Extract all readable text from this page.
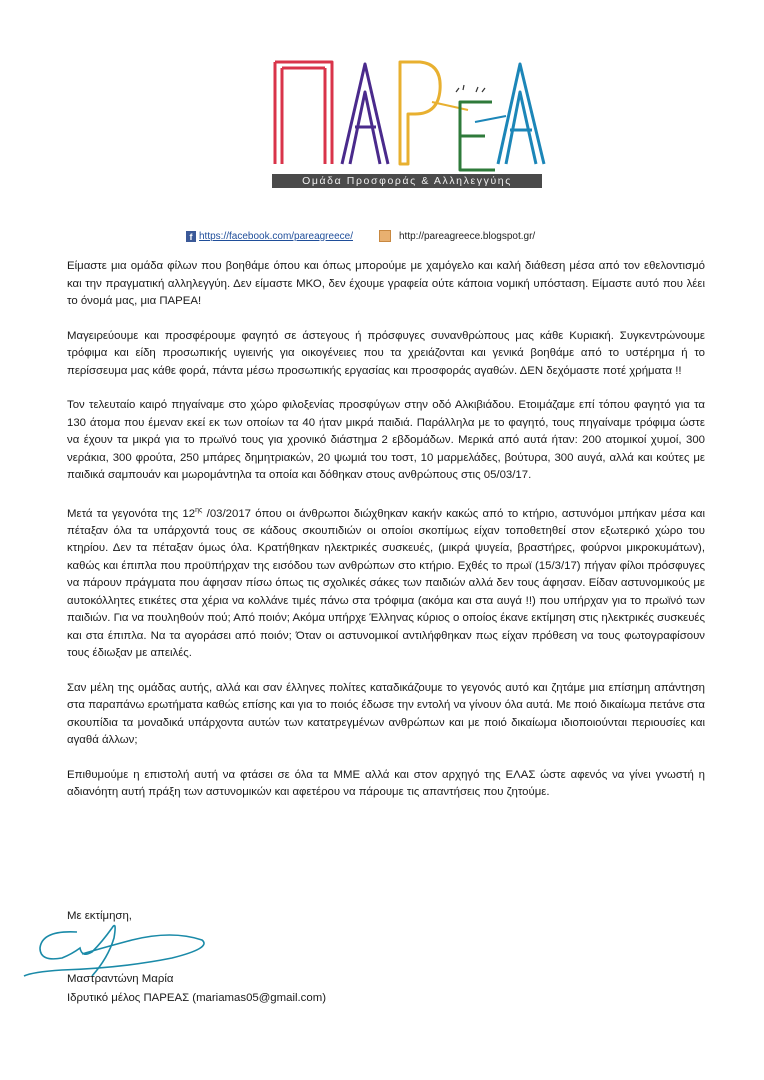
Ομάδα Προσφοράς & Αλληλεγγύης
f https://facebook.com/pareagreece/	http://pareagreece.blogspot.gr/

Είμαστε μια ομάδα φίλων που βοηθάμε όπου και όπως μπορούμε με χαμόγελο και καλή διάθεση μέσα από τον εθελοντισμό και την πραγματική αλληλεγγύη. Δεν είμαστε ΜΚΟ, δεν έχουμε γραφεία ούτε κάποια νομική υπόσταση. Είμαστε αυτό που λέει το όνομά μας, μια ΠΑΡΕΑ!

Μαγειρεύουμε και προσφέρουμε φαγητό σε άστεγους ή πρόσφυγες συνανθρώπους μας κάθε Κυριακή. Συγκεντρώνουμε τρόφιμα και είδη προσωπικής υγιεινής για οικογένειες που τα χρειάζονται και γενικά βοηθάμε από το υστέρημα ή το περίσσευμα μας κάθε φορά, πάντα μέσω προσωπικής εργασίας και προσφοράς αγαθών. ΔΕΝ δεχόμαστε ποτέ χρήματα !!

Τον τελευταίο καιρό πηγαίναμε στο χώρο φιλοξενίας προσφύγων στην οδό Αλκιβιάδου. Ετοιμάζαμε επί τόπου φαγητό για τα 130 άτομα που έμεναν εκεί εκ των οποίων τα 40 ήταν μικρά παιδιά. Παράλληλα με το φαγητό, τους πηγαίναμε τρόφιμα ώστε να έχουν τα μικρά για το πρωϊνό τους για χρονικό διάστημα 2 εβδομάδων. Μερικά από αυτά ήταν: 200 ατομικοί χυμοί, 300 νεράκια, 300 φρούτα, 250 μπάρες δημητριακών, 20 ψωμιά του τοστ, 10 μαρμελάδες, βούτυρα, 300 αυγά, αλλά και κούτες με παιδικά σαμπουάν και μωρομάντηλα τα οποία και δόθηκαν στους ανθρώπους στις 05/03/17.

Μετά τα γεγονότα της $12^{\eta\varsigma}$ /03/2017 όπου οι άνθρωποι διώχθηκαν κακήν κακώς από το κτήριο, αστυνόμοι μπήκαν μέσα και πέταξαν όλα τα υπάρχοντά τους σε κάδους σκουπιδιών οι οποίοι σκοπίμως είχαν τοποθετηθεί στον εξωτερικό χώρο του κτηρίου. Δεν τα πέταξαν όμως όλα. Κρατήθηκαν ηλεκτρικές συσκευές, (μικρά ψυγεία, βραστήρες, φούρνοι μικροκυμάτων), καθώς και έπιπλα που προϋπήρχαν της εισόδου των ανθρώπων στο κτήριο. Εχθές το πρωϊ (15/3/17) πήγαν φίλοι πρόσφυγες να πάρουν πράγματα που άφησαν πίσω όπως τις σχολικές σάκες των παιδιών αλλά δεν τους άφησαν. Είδαν αστυνομικούς με αυτοκόλλητες ετικέτες στα χέρια να κολλάνε τιμές πάνω στα τρόφιμα (ακόμα και στα αυγά !!) που υπήρχαν για το πρωϊνό των παιδιών. Για να πουληθούν πού; Από ποιόν; Ακόμα υπήρχε Έλληνας κύριος ο οποίος έκανε εκτίμηση στις ηλεκτρικές συσκευές και στα έπιπλα. Να τα αγοράσει από ποιόν; Όταν οι αστυνομικοί αντιλήφθηκαν πως είχαν πρόθεση να τους φωτογραφίσουν τους έδιωξαν με απειλές.

Σαν μέλη της ομάδας αυτής, αλλά και σαν έλληνες πολίτες καταδικάζουμε το γεγονός αυτό και ζητάμε μια επίσημη απάντηση στα παραπάνω ερωτήματα καθώς επίσης και για το ποιός έδωσε την εντολή να γίνουν όλα αυτά. Με ποιό δικαίωμα πετάνε στα σκουπίδια τα μοναδικά υπάρχοντα αυτών των κατατρεγμένων ανθρώπων και με ποιό δικαίωμα ιδιοποιούνται περιουσίες και αγαθά άλλων;

Επιθυμούμε η επιστολή αυτή να φτάσει σε όλα τα ΜΜΕ αλλά και στον αρχηγό της ΕΛΑΣ ώστε αφενός να γίνει γνωστή η αδιανόητη αυτή πράξη των αστυνομικών και αφετέρου να πάρουμε τις απαντήσεις που ζητούμε.

Με εκτίμηση,
Μαστραντώνη Μαρία
Ιδρυτικό μέλος ΠΑΡΕΑΣ (mariamas05@gmail.com)
